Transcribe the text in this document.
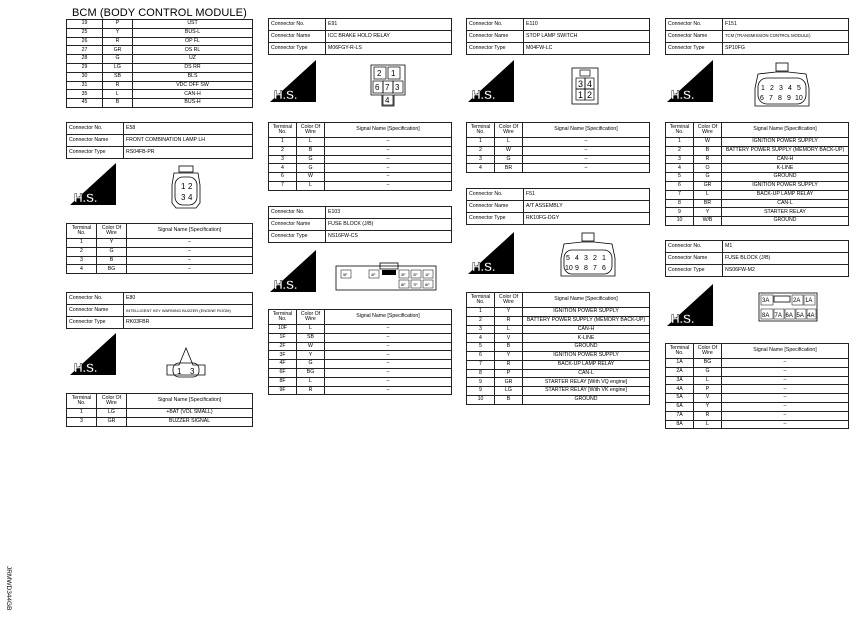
BCM (BODY CONTROL MODULE)
19	P	UST
25	Y	BUS-L
26	R	OP FL
27	GR	OS RL
28	G	UZ
29	LG	DS RR
30	SB	BLS
31	R	VDC OFF SW
35	L	CAN-H
45	B	BUS-H
Connector No.	E58
Connector Name	FRONT COMBINATION LAMP LH
Connector Type	RS04FB-PR
H.S.
1 2
3 4
Terminal No.	Color Of Wire	Signal Name [Specification]
1	Y	–
2	G	–
3	B	–
4	BG	–
Connector No.	E80
Connector Name	INTELLIGENT KEY WARNING BUZZER (ENGINE ROOM)
Connector Type	RK03FBR
H.S.	1 3
Terminal No.	Color Of Wire	Signal Name [Specification]
1	LG	+BAT (VOL SMALL)
3	GR	BUZZER SIGNAL
Connector No.	E91
Connector Name	ICC BRAKE HOLD RELAY
Connector Type	M06FGY-R-LS
H.S.
2 1
6 7 3
4
Terminal No.	Color Of Wire	Signal Name [Specification]
1	L	–
2	B	–
3	G	–
4	G	–
6	W	–
7	L	–
Connector No.	E103
Connector Name	FUSE BLOCK (J/B)
Connector Type	NS16FW-CS
H.S.
5F	4F	3F 2F 1F
8F 7F 6F
Terminal No.	Color Of Wire	Signal Name [Specification]
10F	L	–
1F	SB	–
2F	W	–
3F	Y	–
4F	G	–
6F	BG	–
8F	L	–
9F	R	–
Connector No.	E110
Connector Name	STOP LAMP SWITCH
Connector Type	M04FW-LC
H.S.
3 4
1 2
Terminal No.	Color Of Wire	Signal Name [Specification]
1	L	–
2	W	–
3	G	–
4	BR	–
Connector No.	F51
Connector Name	A/T ASSEMBLY
Connector Type	RK10FG-DGY
H.S.
5 4 3 2 1
10 9 8 7 6
Terminal No.	Color Of Wire	Signal Name [Specification]
1	Y	IGNITION POWER SUPPLY
2	R	BATTERY POWER SUPPLY (MEMORY BACK-UP)
3	L	CAN-H
4	V	K-LINE
5	B	GROUND
6	Y	IGNITION POWER SUPPLY
7	R	BACK-UP LAMP RELAY
8	P	CAN-L
9	GR	STARTER RELAY [With VQ engine]
9	LG	STARTER RELAY [With VK engine]
10	B	GROUND
Connector No.	F151
Connector Name	TCM (TRANSMISSION CONTROL MODULE)
Connector Type	SP10FG
H.S.	1 2 3 4 5
6 7 8 9 10
Terminal No.	Color Of Wire	Signal Name [Specification]
1	W	IGNITION POWER SUPPLY
2	B	BATTERY POWER SUPPLY (MEMORY BACK-UP)
3	R	CAN-H
4	O	K-LINE
5	G	GROUND
6	GR	IGNITION POWER SUPPLY
7	L	BACK-UP LAMP RELAY
8	BR	CAN-L
9	Y	STARTER RELAY
10	W/B	GROUND
Connector No.	M1
Connector Name	FUSE BLOCK (J/B)
Connector Type	NS06FW-M2
H.S.
3A	2A 1A
8A 7A 6A 5A 4A
Terminal No.	Color Of Wire	Signal Name [Specification]
1A	BG	–
2A	G	–
3A	L	–
4A	P	–
5A	V	–
6A	Y	–
7A	R	–
8A	L	–
JRMWD344GB
